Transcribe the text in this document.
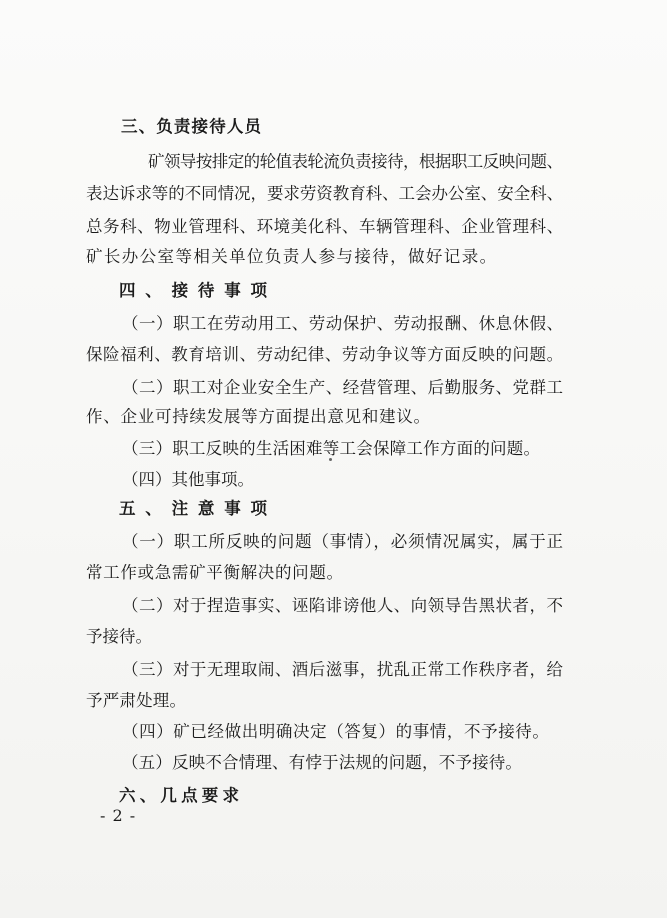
三、负责接待人员
矿领导按排定的轮值表轮流负责接待，根据职工反映问题、
表达诉求等的不同情况，要求劳资教育科、工会办公室、安全科、
总务科、物业管理科、环境美化科、车辆管理科、企业管理科、
矿长办公室等相关单位负责人参与接待，做好记录。
四、接待事项
（一）职工在劳动用工、劳动保护、劳动报酬、休息休假、
保险福利、教育培训、劳动纪律、劳动争议等方面反映的问题。
（二）职工对企业安全生产、经营管理、后勤服务、党群工
作、企业可持续发展等方面提出意见和建议。
（三）职工反映的生活困难等工会保障工作方面的问题。
（四）其他事项。
五、注意事项
（一）职工所反映的问题（事情），必须情况属实，属于正
常工作或急需矿平衡解决的问题。
（二）对于捏造事实、诬陷诽谤他人、向领导告黑状者，不
予接待。
（三）对于无理取闹、酒后滋事，扰乱正常工作秩序者，给
予严肃处理。
（四）矿已经做出明确决定（答复）的事情，不予接待。
（五）反映不合情理、有悖于法规的问题，不予接待。
六、几点要求
- 2 -
